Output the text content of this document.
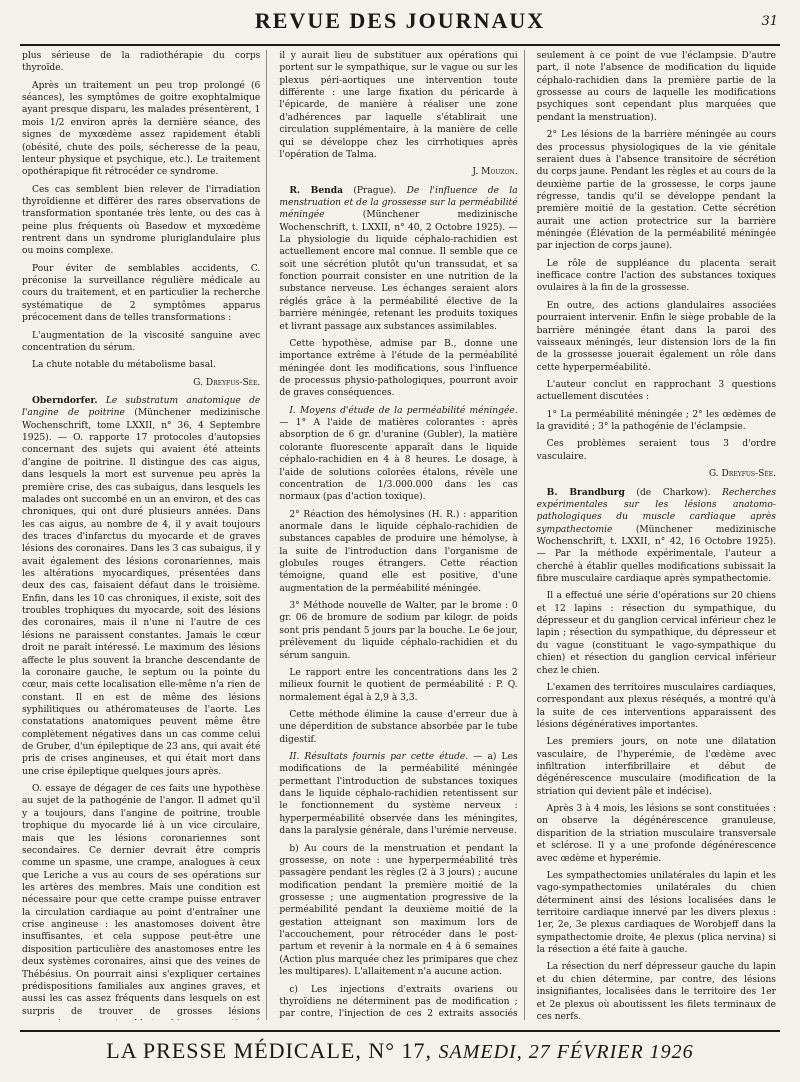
REVUE DES JOURNAUX	31

plus sérieuse de la radiothérapie du corps thyroïde.

Après un traitement un peu trop prolongé (6 séances), les symptômes de goitre exophtalmique ayant presque disparu, les malades présentèrent, 1 mois 1/2 environ après la dernière séance, des signes de myxœdème assez rapidement établi (obésité, chute des poils, sécheresse de la peau, lenteur physique et psychique, etc.). Le traitement opothérapique fit rétrocéder ce syndrome.

Ces cas semblent bien relever de l'irradiation thyroïdienne et différer des rares observations de transformation spontanée très lente, ou des cas à peine plus fréquents où Basedow et myxœdème rentrent dans un syndrome pluriglandulaire plus ou moins complexe.

Pour éviter de semblables accidents, C. préconise la surveillance régulière médicale au cours du traitement, et en particulier la recherche systématique de 2 symptômes apparus précocement dans de telles transformations :

L'augmentation de la viscosité sanguine avec concentration du sérum.

La chute notable du métabolisme basal.

G. Dreyfus-Sée.

Oberndorfer. Le substratum anatomique de l'angine de poitrine (Münchener medizinische Wochenschrift, tome LXXII, n° 36, 4 Septembre 1925). — O. rapporte 17 protocoles d'autopsies concernant des sujets qui avaient été atteints d'angine de poitrine. Il distingue des cas aigus, dans lesquels la mort est survenue peu après la première crise, des cas subaigus, dans lesquels les malades ont succombé en un an environ, et des cas chroniques, qui ont duré plusieurs années. Dans les cas aigus, au nombre de 4, il y avait toujours des traces d'infarctus du myocarde et de graves lésions des coronaires. Dans les 3 cas subaigus, il y avait également des lésions coronariennes, mais les altérations myocardiques, présentées dans deux des cas, faisaient défaut dans le troisième. Enfin, dans les 10 cas chroniques, il existe, soit des troubles trophiques du myocarde, soit des lésions des coronaires, mais il n'une ni l'autre de ces lésions ne paraissent constantes. Jamais le cœur droit ne paraît intéressé. Le maximum des lésions affecte le plus souvent la branche descendante de la coronaire gauche, le septum ou la pointe du cœur, mais cette localisation elle-même n'a rien de constant. Il en est de même des lésions syphilitiques ou athéromateuses de l'aorte. Les constatations anatomiques peuvent même être complètement négatives dans un cas comme celui de Gruber, d'un épileptique de 23 ans, qui avait été pris de crises angineuses, et qui était mort dans une crise épileptique quelques jours après.

O. essaye de dégager de ces faits une hypothèse au sujet de la pathogénie de l'angor. Il admet qu'il y a toujours, dans l'angine de poitrine, trouble trophique du myocarde lié à un vice circulaire, mais que les lésions coronariennes sont secondaires. Ce dernier devrait être compris comme un spasme, une crampe, analogues à ceux que Leriche a vus au cours de ses opérations sur les artères des membres. Mais une condition est nécessaire pour que cette crampe puisse entraver la circulation cardiaque au point d'entraîner une crise angineuse : les anastomoses doivent être insuffisantes, et cela suppose peut-être une disposition particulière des anastomoses entre les deux systèmes coronaires, ainsi que des veines de Thébésius. On pourrait ainsi s'expliquer certaines prédispositions familiales aux angines graves, et aussi les cas assez fréquents dans lesquels on est surpris de trouver de grosses lésions

il y aurait lieu de substituer aux opérations qui portent sur le sympathique, sur le vague ou sur les plexus péri-aortiques une intervention toute différente : une large fixation du péricarde à l'épicarde, de manière à réaliser une zone d'adhérences par laquelle s'établirait une circulation supplémentaire, à la manière de celle qui se développe chez les cirrhotiques après l'opération de Talma.

J. Mouzon.

R. Benda (Prague). De l'influence de la menstruation et de la grossesse sur la perméabilité méningée	(Münchener medizinische Wochenschrift, t. LXXII, n° 40, 2 Octobre 1925). — La physiologie du liquide céphalo-rachidien est actuellement encore mal connue. Il semble que ce soit une sécrétion plutôt qu'un transsudat, et sa fonction pourrait consister en une nutrition de la substance nerveuse. Les échanges seraient alors réglés grâce à la perméabilité élective de la barrière méningée, retenant les produits toxiques et livrant passage aux substances assimilables.

Cette hypothèse, admise par B., donne une importance extrême à l'étude de la perméabilité méningée dont les modifications, sous l'influence de processus physio-pathologiques, pourront avoir de graves conséquences.

I. Moyens d'étude de la perméabilité méningée. — 1° A l'aide de matières colorantes : après absorption de 6 gr. d'uranine (Gubler), la matière colorante fluorescente apparaît dans le liquide céphalo-rachidien en 4 à 8 heures. Le dosage, à l'aide de solutions colorées étalons, révèle une concentration de 1/3.000.000 dans les cas normaux (pas d'action toxique).

2° Réaction des hémolysines (H. R.) : apparition anormale dans le liquide céphalo-rachidien de substances capables de produire une hémolyse, à la suite de l'introduction dans l'organisme de globules rouges étrangers. Cette réaction témoigne, quand elle est positive, d'une augmentation de la perméabilité méningée.

3° Méthode nouvelle de Walter, par le brome : 0 gr. 06 de bromure de sodium par kilogr. de poids sont pris pendant 5 jours par la bouche. Le 6e jour, prélèvement du liquide céphalo-rachidien et du sérum sanguin.

Le rapport entre les concentrations dans les 2 milieux fournit le quotient de perméabilité : P. Q. normalement égal à 2,9 à 3,3.

Cette méthode élimine la cause d'erreur due à une déperdition de substance absorbée par le tube digestif.

II. Résultats fournis par cette étude. — a) Les modifications de la perméabilité méningée permettant l'introduction de substances toxiques dans le liquide céphalo-rachidien retentissent sur le fonctionnement du système nerveux : hyperperméabilité observée dans les méningites, dans la paralysie générale, dans l'urémie nerveuse.

b) Au cours de la menstruation et pendant la grossesse, on note : une hyperperméabilité très passagère pendant les règles (2 à 3 jours) ; aucune modification pendant la première moitié de la grossesse ; une augmentation progressive de la perméabilité pendant la deuxième moitié de la gestation atteignant son maximum lors de l'accouchement, pour rétrocéder dans le post-partum et revenir à la normale en 4 à 6 semaines (Action plus marquée chez les primipares que chez les multipares). L'allaitement n'a aucune action.

c) Les injections d'extraits ovariens ou thyroïdiens ne déterminent pas de modification ; par contre, l'injection de ces 2 extraits associés

seulement à ce point de vue l'éclampsie. D'autre part, il note l'absence de modification du liquide céphalo-rachidien dans la première partie de la grossesse au cours de laquelle les modifications psychiques sont cependant plus marquées que pendant la menstruation).

2° Les lésions de la barrière méningée au cours des processus physiologiques de la vie génitale seraient dues à l'absence transitoire de sécrétion du corps jaune. Pendant les règles et au cours de la deuxième partie de la grossesse, le corps jaune régresse, tandis qu'il se développe pendant la première moitié de la gestation. Cette sécrétion aurait une action protectrice sur la barrière méningée (Élévation de la perméabilité méningée par injection de corps jaune).

Le rôle de suppléance du placenta serait inefficace contre l'action des substances toxiques ovulaires à la fin de la grossesse.

En outre, des actions glandulaires associées pourraient intervenir. Enfin le siège probable de la barrière méningée étant dans la paroi des vaisseaux méningés, leur distension lors de la fin de la grossesse jouerait également un rôle dans cette hyperperméabilité.

L'auteur conclut en rapprochant 3 questions actuellement discutées :

1° La perméabilité méningée ; 2° les œdèmes de la gravidité ; 3° la pathogénie de l'éclampsie.

Ces problèmes seraient tous 3 d'ordre vasculaire.

G. Dreyfus-Sée.

B. Brandburg (de Charkow). Recherches expérimentales sur les lésions anatomo-pathologiques du muscle cardiaque après sympathectomie	(Münchener medizinische Wochenschrift, t. LXXII, n° 42, 16 Octobre 1925). — Par la méthode expérimentale, l'auteur a cherché à établir quelles modifications subissait la fibre musculaire cardiaque après sympathectomie.

Il a effectué une série d'opérations sur 20 chiens et 12 lapins : résection du sympathique, du dépresseur et du ganglion cervical inférieur chez le lapin ; résection du sympathique, du dépresseur et du vague (constituant le vago-sympathique du chien) et résection du ganglion cervical inférieur chez le chien.

L'examen des territoires musculaires cardiaques, correspondant aux plexus réséqués, a montré qu'à la suite de ces interventions apparaissent des lésions dégénératives importantes.

Les premiers jours, on note une dilatation vasculaire, de l'hyperémie, de l'œdème avec infiltration interfibrillaire et début de dégénérescence musculaire (modification de la striation qui devient pâle et indécise).

Après 3 à 4 mois, les lésions se sont constituées : on observe la dégénérescence granuleuse, disparition de la striation musculaire transversale et sclérose. Il y a une profonde dégénérescence avec œdème et hyperémie.

Les sympathectomies unilatérales du lapin et les vago-sympathectomies unilatérales du chien déterminent ainsi des lésions localisées dans le territoire cardiaque innervé par les divers plexus : 1er, 2e, 3e plexus cardiaques de Worobjeff dans la sympathectomie droite, 4e plexus (plica nervina) si la résection a été faite à gauche.

La résection du nerf dépresseur gauche du lapin et du chien détermine, par contre, des lésions insignifiantes, localisées dans le territoire des 1er et 2e plexus où aboutissent les filets terminaux de ces nerfs.

LA PRESSE MÉDICALE, N° 17, SAMEDI, 27 FÉVRIER 1926
